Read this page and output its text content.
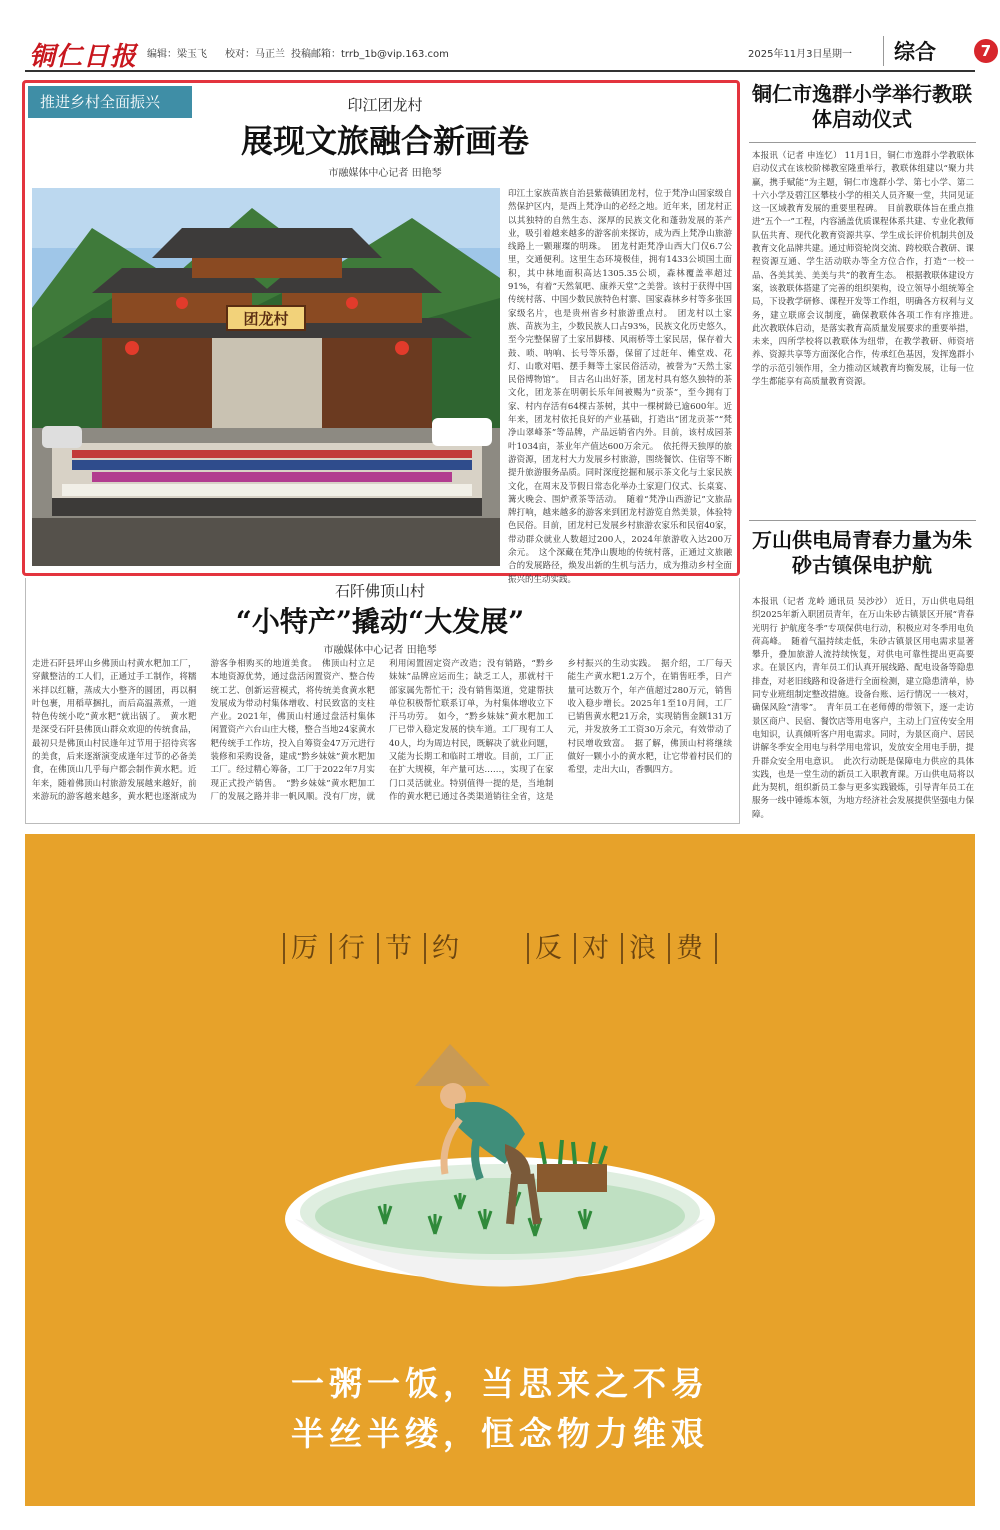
铜仁日报 编辑：梁玉飞 校对：马正兰 投稿邮箱：trrb_1b@vip.163.com	2025年11月3日 星期一	综合	7
推进乡村全面振兴	印江团龙村
展现文旅融合新画卷
市融媒体中心记者 田艳琴
团龙村
印江土家族苗族自治县紫薇镇团龙村，位于梵净山国家级自然保护区内，是西上梵净山的必经之地。近年来，团龙村正以其独特的自然生态、深厚的民族文化和蓬勃发展的茶产业，吸引着越来越多的游客前来探访，成为西上梵净山旅游线路上一颗璀璨的明珠。　团龙村距梵净山西大门仅6.7公里，交通便利。这里生态环境极佳，拥有1433公顷国土面积，其中林地面积高达1305.35公顷，森林覆盖率超过91%，有着“天然氧吧、康养天堂”之美誉。该村于获得中国传统村落、中国少数民族特色村寨、国家森林乡村等多张国家级名片，也是贵州省乡村旅游重点村。　团龙村以土家族、苗族为主，少数民族人口占93%，民族文化历史悠久，至今完整保留了土家吊脚楼、风雨桥等土家民居，保存着大鼓、唢、呐响、长号等乐器，保留了过赶年、傩堂戏、花灯、山歌对唱、摆手舞等土家民俗活动，被誉为“天然土家民俗博物馆”。　目古名山出好茶，团龙村具有悠久独特的茶文化，团龙茶在明朝长乐年间被赐为“贡茶”，至今拥有丁家、村内存活有64棵古茶树，其中一棵树龄已逾600年。近年来，团龙村依托良好的产业基础，打造出“团龙贡茶”“梵净山翠峰茶”等品牌，产品远销省内外。目前，该村成园茶叶1034亩，茶业年产值达600万余元。　依托得天独厚的旅游资源，团龙村大力发展乡村旅游，围绕餐饮、住宿等不断提升旅游服务品质。同时深度挖掘和展示茶文化与土家民族文化，在周末及节假日常态化举办土家迎门仪式、长桌宴、篝火晚会、围炉煮茶等活动。　随着“梵净山西游记”文旅品牌打响，越来越多的游客来到团龙村游览自然美景，体验特色民俗。目前，团龙村已发展乡村旅游农家乐和民宿40家，带动群众就业人数超过200人，2024年旅游收入达200万余元。　这个深藏在梵净山腹地的传统村落，正通过文旅融合的发展路径，焕发出新的生机与活力，成为推动乡村全面振兴的生动实践。
石阡佛顶山村
“小特产”撬动“大发展”
市融媒体中心记者 田艳琴
走进石阡县坪山乡佛顶山村黄水粑加工厂，穿戴整洁的工人们，正通过手工制作，将糯米拌以红糖，蒸成大小整齐的圆团，再以桐叶包裹，用稻草捆扎，而后高温蒸煮，一道特色传统小吃“黄水粑”就出锅了。　黄水粑是深受石阡县佛顶山群众欢迎的传统食品，最初只是佛顶山村民逢年过节用于招待宾客的美食，后来逐渐演变成逢年过节的必备美食，在佛顶山几乎每户都会制作黄水粑。近年来，随着佛顶山村旅游发展越来越好，前来游玩的游客越来越多，黄水粑也逐渐成为游客争相购买的地道美食。　佛顶山村立足本地资源优势，通过盘活闲置资产、整合传统工艺、创新运营模式，将传统美食黄水粑发展成为带动村集体增收、村民致富的支柱产业。2021年，佛顶山村通过盘活村集体闲置资产六台山庄大楼，整合当地24家黄水粑传统手工作坊，投入自筹资金47万元进行装修和采购设备，建成“黔乡妹妹”黄水粑加工厂。经过精心筹备，工厂于2022年7月实现正式投产销售。　“黔乡妹妹”黄水粑加工厂的发展之路并非一帆风顺。没有厂房，就利用闲置固定资产改造；没有销路，“黔乡妹妹”品牌应运而生；缺乏工人，那就村干部家属先帮忙干；没有销售渠道，党建帮扶单位积极帮忙联系订单，为村集体增收立下汗马功劳。　如今，“黔乡妹妹”黄水粑加工厂已带入稳定发展的快车道。工厂现有工人40人，均为周边村民，既解决了就业问题，又能为长期工和临时工增收。目前，工厂正在扩大规模，年产量可达……，实现了在家门口灵活就业。特别值得一提的是，当地制作的黄水粑已通过各类渠道销往全省，这是乡村振兴的生动实践。　据介绍，工厂每天能生产黄水粑1.2万个，在销售旺季，日产量可达数万个，年产值超过280万元，销售收入稳步增长。2025年1至10月间，工厂已销售黄水粑21万余，实现销售金额131万元，并发放务工工资30万余元，有效带动了村民增收致富。　据了解，佛顶山村将继续做好一颗小小的黄水粑，让它带着村民们的希望，走出大山，香飘四方。
铜仁市逸群小学举行教联体启动仪式
本报讯（记者 申连忆） 11月1日，铜仁市逸群小学教联体启动仪式在该校阶梯教室隆重举行，教联体组建以“聚力共赢，携手赋能”为主题，铜仁市逸群小学、第七小学、第二十六小学及碧江区攀枝小学的相关人员齐聚一堂，共同见证这一区域教育发展的重要里程碑。　目前教联体旨在重点推进“五个一”工程，内容涵盖优质课程体系共建、专业化教师队伍共育、现代化教育资源共享、学生成长评价机制共创及教育文化品牌共建。通过师资轮岗交流、跨校联合教研、课程资源互通、学生活动联办等全方位合作，打造“一校一品、各美其美、美美与共”的教育生态。　根据教联体建设方案，该教联体搭建了完善的组织架构，设立领导小组统筹全局，下设教学研修、课程开发等工作组，明确各方权利与义务，建立联席会议制度，确保教联体各项工作有序推进。　此次教联体启动，是落实教育高质量发展要求的重要举措，未来，四所学校将以教联体为纽带，在教学教研、师资培养、资源共享等方面深化合作，传承红色基因，发挥逸群小学的示范引领作用，全力推动区域教育均衡发展，让每一位学生都能享有高质量教育资源。
万山供电局青春力量为朱砂古镇保电护航
本报讯（记者 龙岭 通讯员 吴沙沙） 近日，万山供电局组织2025年新入职团员青年，在万山朱砂古镇景区开展“青春光明行 护航度冬季”专项保供电行动，积极应对冬季用电负荷高峰。　随着气温持续走低，朱砂古镇景区用电需求显著攀升，叠加旅游人流持续恢复，对供电可靠性提出更高要求。在景区内，青年员工们认真开展线路、配电设备等隐患排查，对老旧线路和设备进行全面检测，建立隐患清单，协同专业班组制定整改措施。设备台账、运行情况一一核对，确保风险“清零”。　青年员工在老师傅的带领下，逐一走访景区商户、民宿、餐饮店等用电客户，主动上门宣传安全用电知识，认真倾听客户用电需求。同时，为景区商户、居民讲解冬季安全用电与科学用电常识，发放安全用电手册，提升群众安全用电意识。　此次行动既是保障电力供应的具体实践，也是一堂生动的新员工入职教育课。万山供电局将以此为契机，组织新员工参与更多实践锻炼，引导青年员工在服务一线中锤炼本领，为地方经济社会发展提供坚强电力保障。
厉 行 节 约	反 对 浪 费
一粥一饭，当思来之不易
半丝半缕，恒念物力维艰
